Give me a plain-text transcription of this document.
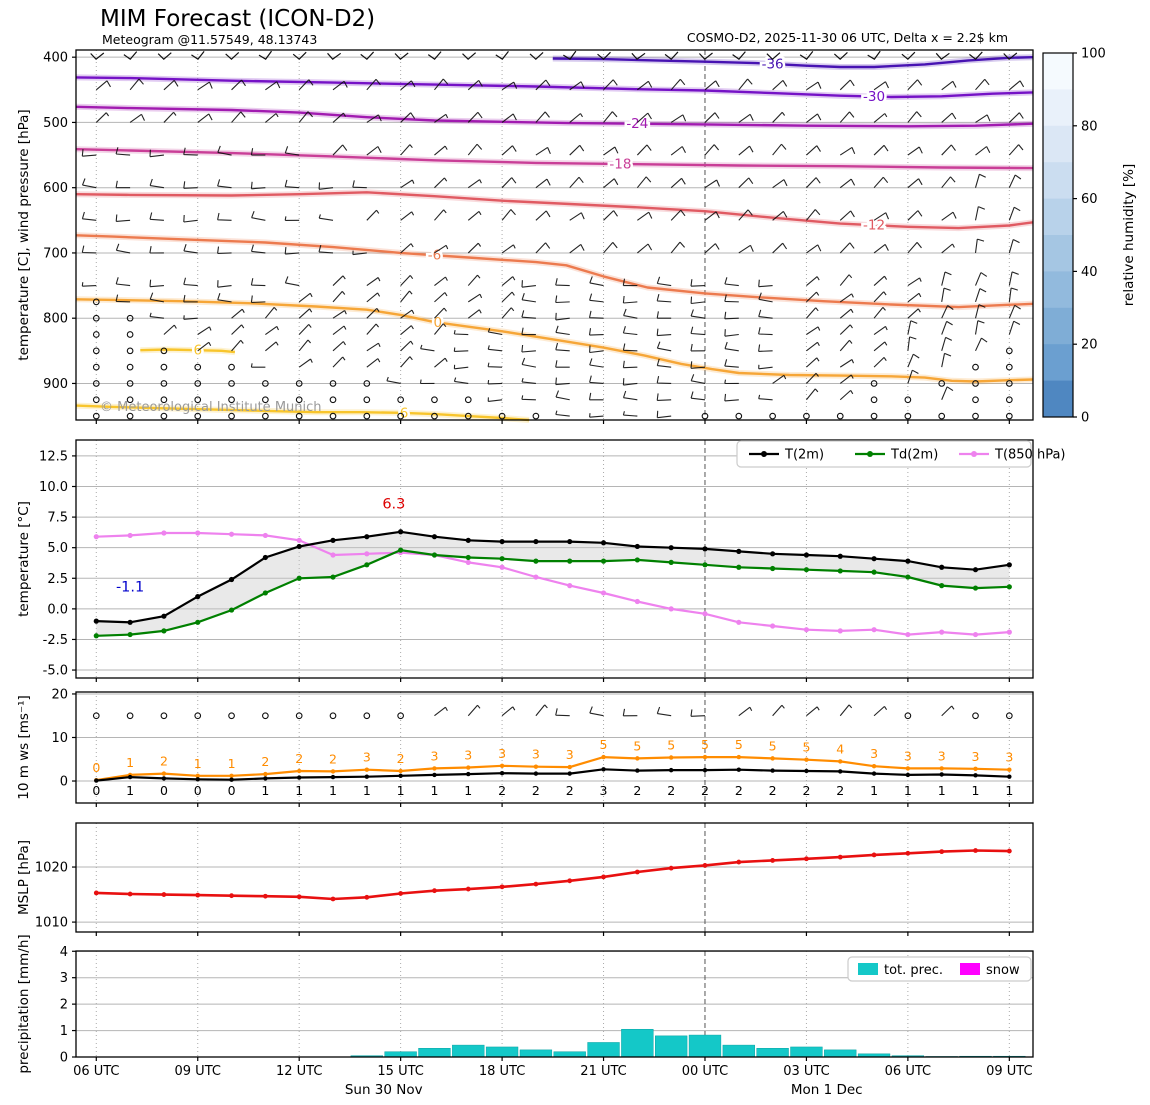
MIM Forecast (ICON-D2)
Meteogram @11.57549, 48.13743	COSMO-D2, 2025-11-30 06 UTC, Delta x = 2.2$ km
-36
-30
-24
-18
-12
-6
0
6
6
400
500
600
700
800
900
temperature [C], wind pressure [hPa]
0
20
40
60
80
100
relative humidity [%]
6.3
-1.1
12.5
10.0
7.5
5.0
2.5
0.0
-2.5
-5.0
temperature [°C]
T(2m)	Td(2m)	T(850 hPa)
0
0
1
1
2
0
1
0
1
0
2
1
2
1
2
1
3
1
2
1
3
1
3
1
3
2
3
2
3
2
5
3
5
2
5
2
5
2
5
2
5
2
5
2
4
2
3
1
3
1
3
1
3
1
3
1
0
10
20
10 m ws [ms⁻¹]
1010
1020
MSLP [hPa]
0
1
2
3
4
precipitation [mm/h]	tot. prec.	snow
06 UTC	09 UTC	12 UTC	15 UTC	18 UTC	21 UTC	00 UTC	03 UTC	06 UTC	09 UTC
Sun 30 Nov	Mon 1 Dec
© Meteorological Institute Munich
